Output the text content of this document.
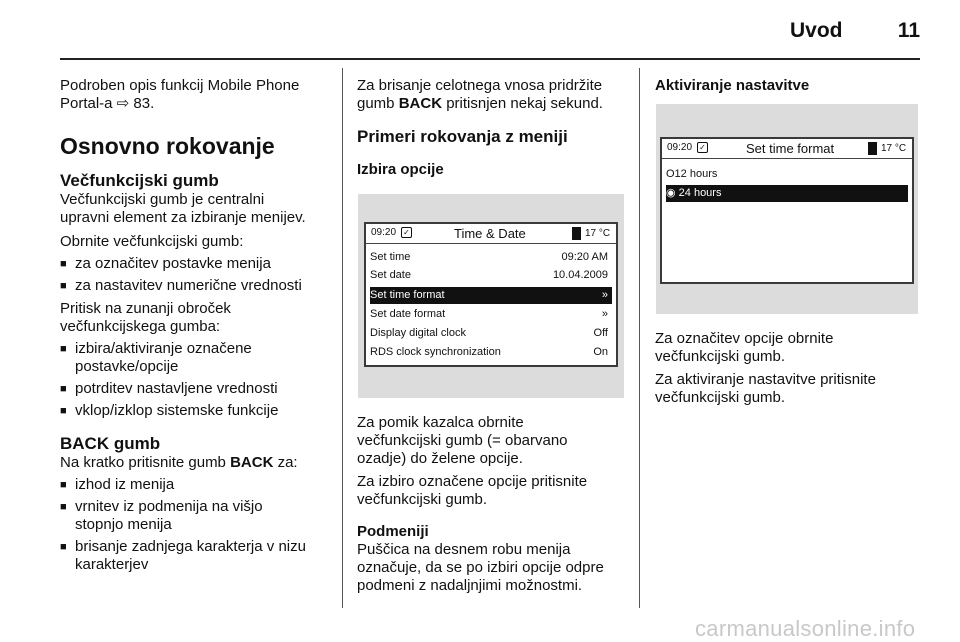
Uvod	11

Podroben opis funkcij Mobile Phone

Portal-a ⇨ 83.

Osnovno rokovanje

Večfunkcijski gumb

Večfunkcijski gumb je centralni

upravni element za izbiranje menijev.

Obrnite večfunkcijski gumb:

■ za označitev postavke menija

■ za nastavitev numerične vrednosti

Pritisk na zunanji obroček

večfunkcijskega gumba:

■ izbira/aktiviranje označene

postavke/opcije

■ potrditev nastavljene vrednosti

■ vklop/izklop sistemske funkcije

BACK gumb

Na kratko pritisnite gumb BACK za:

■ izhod iz menija

■ vrnitev iz podmenija na višjo

stopnjo menija

■ brisanje zadnjega karakterja v nizu

karakterjev

Za brisanje celotnega vnosa pridržite

gumb BACK pritisnjen nekaj sekund.

Primeri rokovanja z meniji

Izbira opcije

09:20 ✓	Time & Date	17 °C
Set time	09:20 AM
Set date	10.04.2009
Set time format	»
Set date format	»
Display digital clock	Off
RDS clock synchronization	On

Za pomik kazalca obrnite

večfunkcijski gumb (= obarvano

ozadje) do želene opcije.

Za izbiro označene opcije pritisnite

večfunkcijski gumb.

Podmeniji

Puščica na desnem robu menija

označuje, da se po izbiri opcije odpre

podmeni z nadaljnjimi možnostmi.

Aktiviranje nastavitve

09:20 ✓	Set time format	17 °C
O12 hours
◉ 24 hours

Za označitev opcije obrnite

večfunkcijski gumb.

Za aktiviranje nastavitve pritisnite

večfunkcijski gumb.

carmanualsonline.info
